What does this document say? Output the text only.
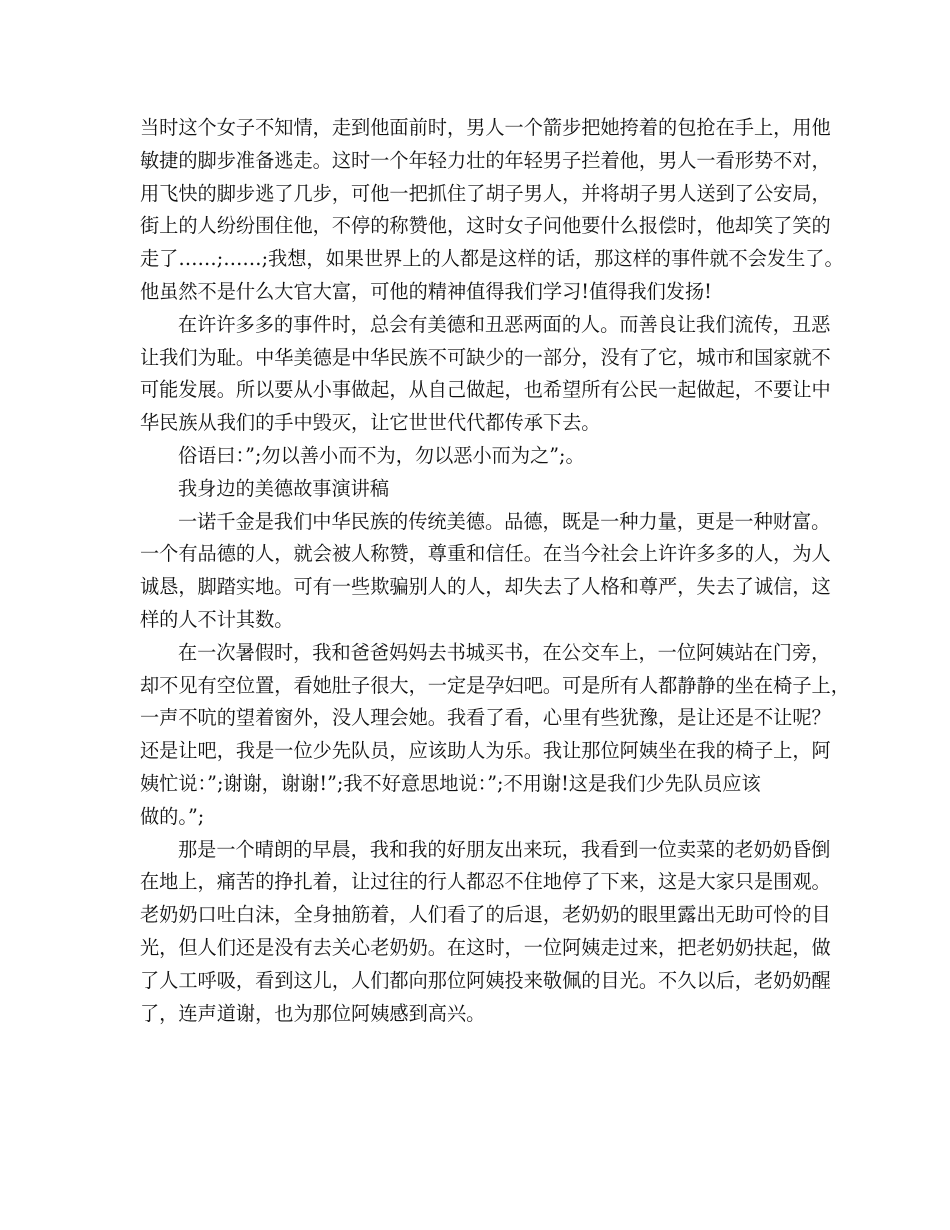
当时这个女子不知情，走到他面前时，男人一个箭步把她挎着的包抢在手上，用他
敏捷的脚步准备逃走。这时一个年轻力壮的年轻男子拦着他，男人一看形势不对，
用飞快的脚步逃了几步，可他一把抓住了胡子男人，并将胡子男人送到了公安局，
街上的人纷纷围住他，不停的称赞他，这时女子问他要什么报偿时，他却笑了笑的
走了……;……;我想，如果世界上的人都是这样的话，那这样的事件就不会发生了。
他虽然不是什么大官大富，可他的精神值得我们学习!值得我们发扬!
在许许多多的事件时，总会有美德和丑恶两面的人。而善良让我们流传，丑恶
让我们为耻。中华美德是中华民族不可缺少的一部分，没有了它，城市和国家就不
可能发展。所以要从小事做起，从自己做起，也希望所有公民一起做起，不要让中
华民族从我们的手中毁灭，让它世世代代都传承下去。
俗语曰：”;勿以善小而不为，勿以恶小而为之”;。
我身边的美德故事演讲稿
一诺千金是我们中华民族的传统美德。品德，既是一种力量，更是一种财富。
一个有品德的人，就会被人称赞，尊重和信任。在当今社会上许许多多的人，为人
诚恳，脚踏实地。可有一些欺骗别人的人，却失去了人格和尊严，失去了诚信，这
样的人不计其数。
在一次暑假时，我和爸爸妈妈去书城买书，在公交车上，一位阿姨站在门旁，
却不见有空位置，看她肚子很大，一定是孕妇吧。可是所有人都静静的坐在椅子上，
一声不吭的望着窗外，没人理会她。我看了看，心里有些犹豫，是让还是不让呢？
还是让吧，我是一位少先队员，应该助人为乐。我让那位阿姨坐在我的椅子上，阿
姨忙说：”;谢谢，谢谢!”;我不好意思地说：”;不用谢!这是我们少先队员应该
做的。”;
那是一个晴朗的早晨，我和我的好朋友出来玩，我看到一位卖菜的老奶奶昏倒
在地上，痛苦的挣扎着，让过往的行人都忍不住地停了下来，这是大家只是围观。
老奶奶口吐白沫，全身抽筋着，人们看了的后退，老奶奶的眼里露出无助可怜的目
光，但人们还是没有去关心老奶奶。在这时，一位阿姨走过来，把老奶奶扶起，做
了人工呼吸，看到这儿，人们都向那位阿姨投来敬佩的目光。不久以后，老奶奶醒
了，连声道谢，也为那位阿姨感到高兴。
